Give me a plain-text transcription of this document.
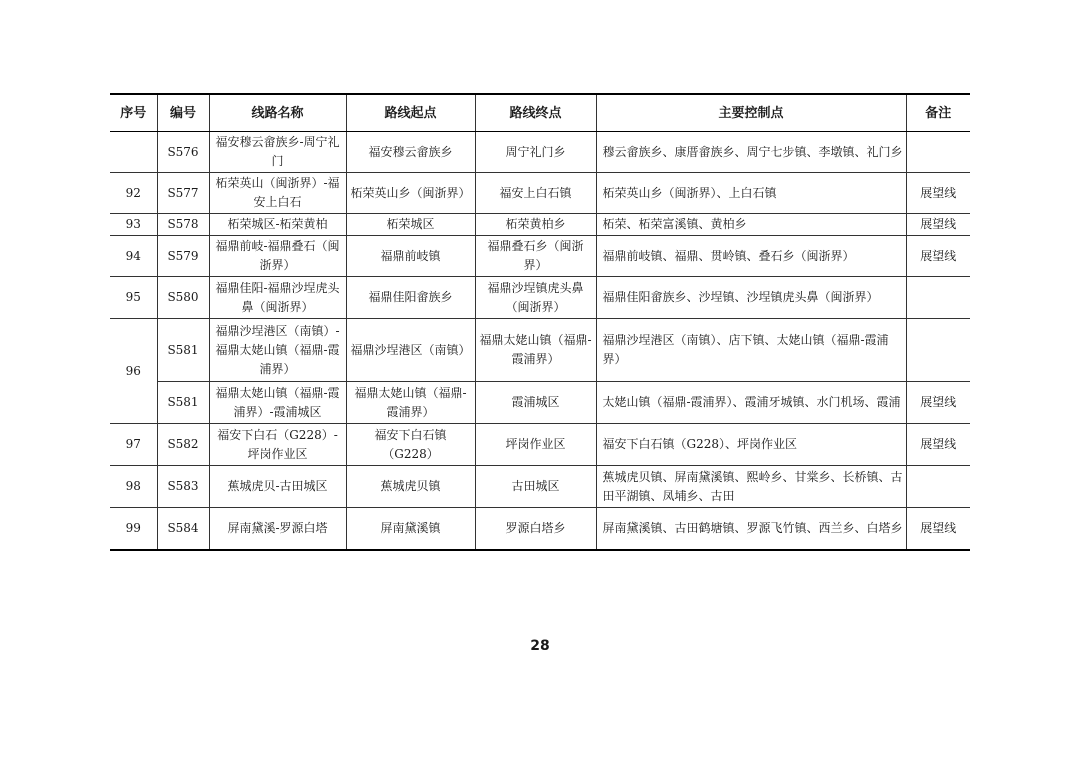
序号	编号	线路名称	路线起点	路线终点	主要控制点	备注
	S576	福安穆云畲族乡-周宁礼门	福安穆云畲族乡	周宁礼门乡	穆云畲族乡、康厝畲族乡、周宁七步镇、李墩镇、礼门乡	
92	S577	柘荣英山（闽浙界）-福安上白石	柘荣英山乡（闽浙界）	福安上白石镇	柘荣英山乡（闽浙界）、上白石镇	展望线
93	S578	柘荣城区-柘荣黄柏	柘荣城区	柘荣黄柏乡	柘荣、柘荣富溪镇、黄柏乡	展望线
94	S579	福鼎前岐-福鼎叠石（闽浙界）	福鼎前岐镇	福鼎叠石乡（闽浙界）	福鼎前岐镇、福鼎、贯岭镇、叠石乡（闽浙界）	展望线
95	S580	福鼎佳阳-福鼎沙埕虎头鼻（闽浙界）	福鼎佳阳畲族乡	福鼎沙埕镇虎头鼻（闽浙界）	福鼎佳阳畲族乡、沙埕镇、沙埕镇虎头鼻（闽浙界）	
96	S581	福鼎沙埕港区（南镇）-福鼎太姥山镇（福鼎-霞浦界）	福鼎沙埕港区（南镇）	福鼎太姥山镇（福鼎-霞浦界）	福鼎沙埕港区（南镇）、店下镇、太姥山镇（福鼎-霞浦界）	
	S581	福鼎太姥山镇（福鼎-霞浦界）-霞浦城区	福鼎太姥山镇（福鼎-霞浦界）	霞浦城区	太姥山镇（福鼎-霞浦界）、霞浦牙城镇、水门机场、霞浦	展望线
97	S582	福安下白石（G228）-坪岗作业区	福安下白石镇（G228）	坪岗作业区	福安下白石镇（G228）、坪岗作业区	展望线
98	S583	蕉城虎贝-古田城区	蕉城虎贝镇	古田城区	蕉城虎贝镇、屏南黛溪镇、熙岭乡、甘棠乡、长桥镇、古田平湖镇、凤埔乡、古田	
99	S584	屏南黛溪-罗源白塔	屏南黛溪镇	罗源白塔乡	屏南黛溪镇、古田鹤塘镇、罗源飞竹镇、西兰乡、白塔乡	展望线
28
